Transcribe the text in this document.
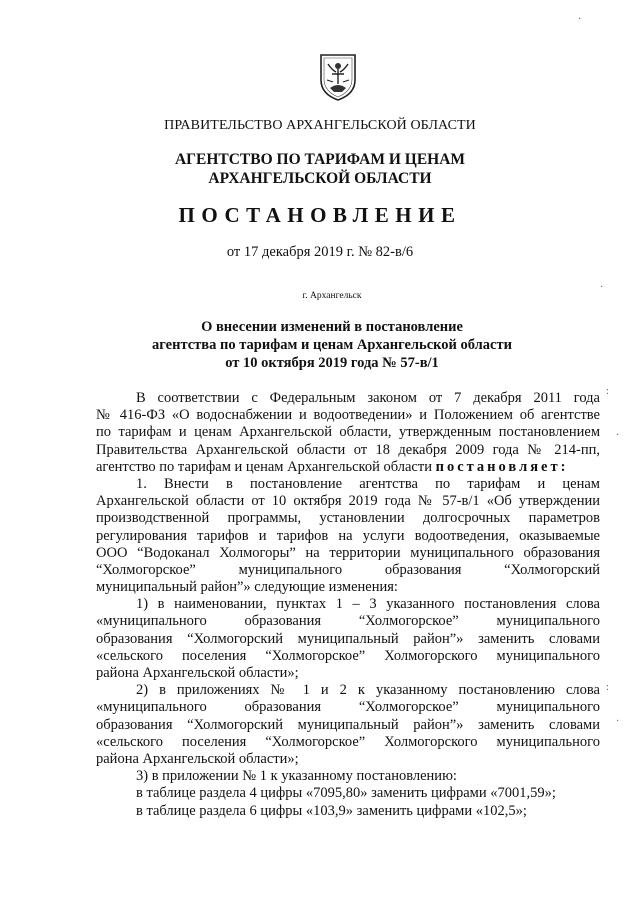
ПРАВИТЕЛЬСТВО АРХАНГЕЛЬСКОЙ ОБЛАСТИ
АГЕНТСТВО ПО ТАРИФАМ И ЦЕНАМ
АРХАНГЕЛЬСКОЙ ОБЛАСТИ
ПОСТАНОВЛЕНИЕ
от 17 декабря 2019 г. № 82-в/6
г. Архангельск
О внесении изменений в постановление
агентства по тарифам и ценам Архангельской области
от 10 октября 2019 года № 57-в/1
В соответствии с Федеральным законом от 7 декабря 2011 года
№ 416-ФЗ «О водоснабжении и водоотведении» и Положением об агентстве
по тарифам и ценам Архангельской области, утвержденным постановлением
Правительства Архангельской области от 18 декабря 2009 года № 214-пп,
агентство по тарифам и ценам Архангельской области постановляет:
1. Внести в постановление агентства по тарифам и ценам
Архангельской области от 10 октября 2019 года № 57-в/1 «Об утверждении
производственной программы, установлении долгосрочных параметров
регулирования тарифов и тарифов на услуги водоотведения, оказываемые
ООО “Водоканал Холмогоры” на территории муниципального образования
“Холмогорское” муниципального образования “Холмогорский
муниципальный район”» следующие изменения:
1) в наименовании, пунктах 1 – 3 указанного постановления слова
«муниципального образования “Холмогорское” муниципального
образования “Холмогорский муниципальный район”» заменить словами
«сельского поселения “Холмогорское” Холмогорского муниципального
района Архангельской области»;
2) в приложениях № 1 и 2 к указанному постановлению слова
«муниципального образования “Холмогорское” муниципального
образования “Холмогорский муниципальный район”» заменить словами
«сельского поселения “Холмогорское” Холмогорского муниципального
района Архангельской области»;
3) в приложении № 1 к указанному постановлению:
в таблице раздела 4 цифры «7095,80» заменить цифрами «7001,59»;
в таблице раздела 6 цифры «103,9» заменить цифрами «102,5»;
·
·
:
:
·
·
